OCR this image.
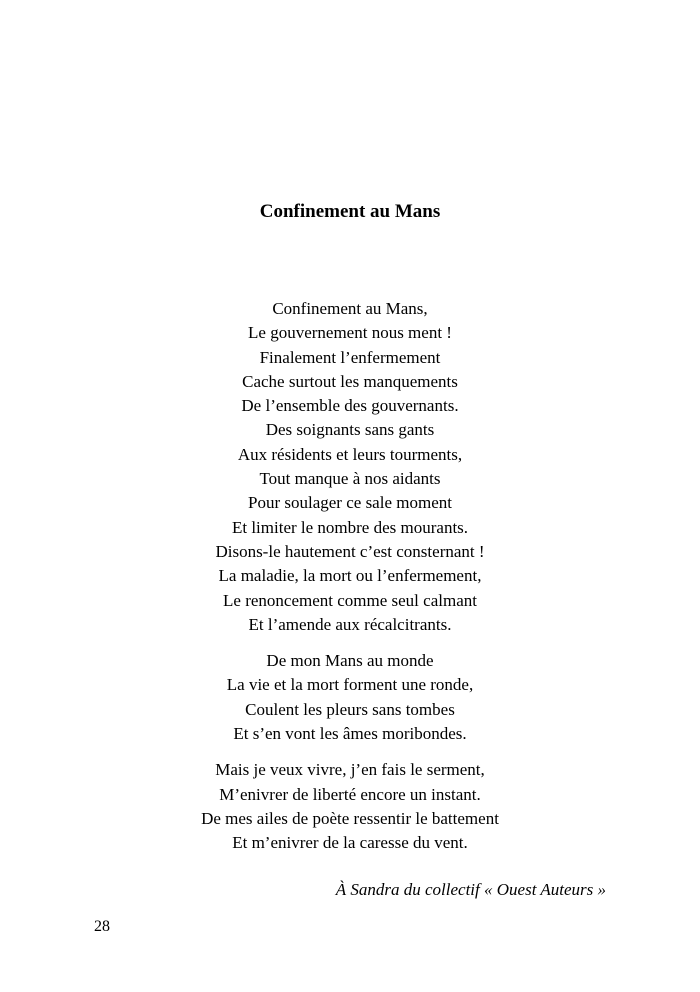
Confinement au Mans
Confinement au Mans,
Le gouvernement nous ment !
Finalement l’enfermement
Cache surtout les manquements
De l’ensemble des gouvernants.
Des soignants sans gants
Aux résidents et leurs tourments,
Tout manque à nos aidants
Pour soulager ce sale moment
Et limiter le nombre des mourants.
Disons-le hautement c’est consternant !
La maladie, la mort ou l’enfermement,
Le renoncement comme seul calmant
Et l’amende aux récalcitrants.
De mon Mans au monde
La vie et la mort forment une ronde,
Coulent les pleurs sans tombes
Et s’en vont les âmes moribondes.
Mais je veux vivre, j’en fais le serment,
M’enivrer de liberté encore un instant.
De mes ailes de poète ressentir le battement
Et m’enivrer de la caresse du vent.

À Sandra du collectif « Ouest Auteurs »

28
